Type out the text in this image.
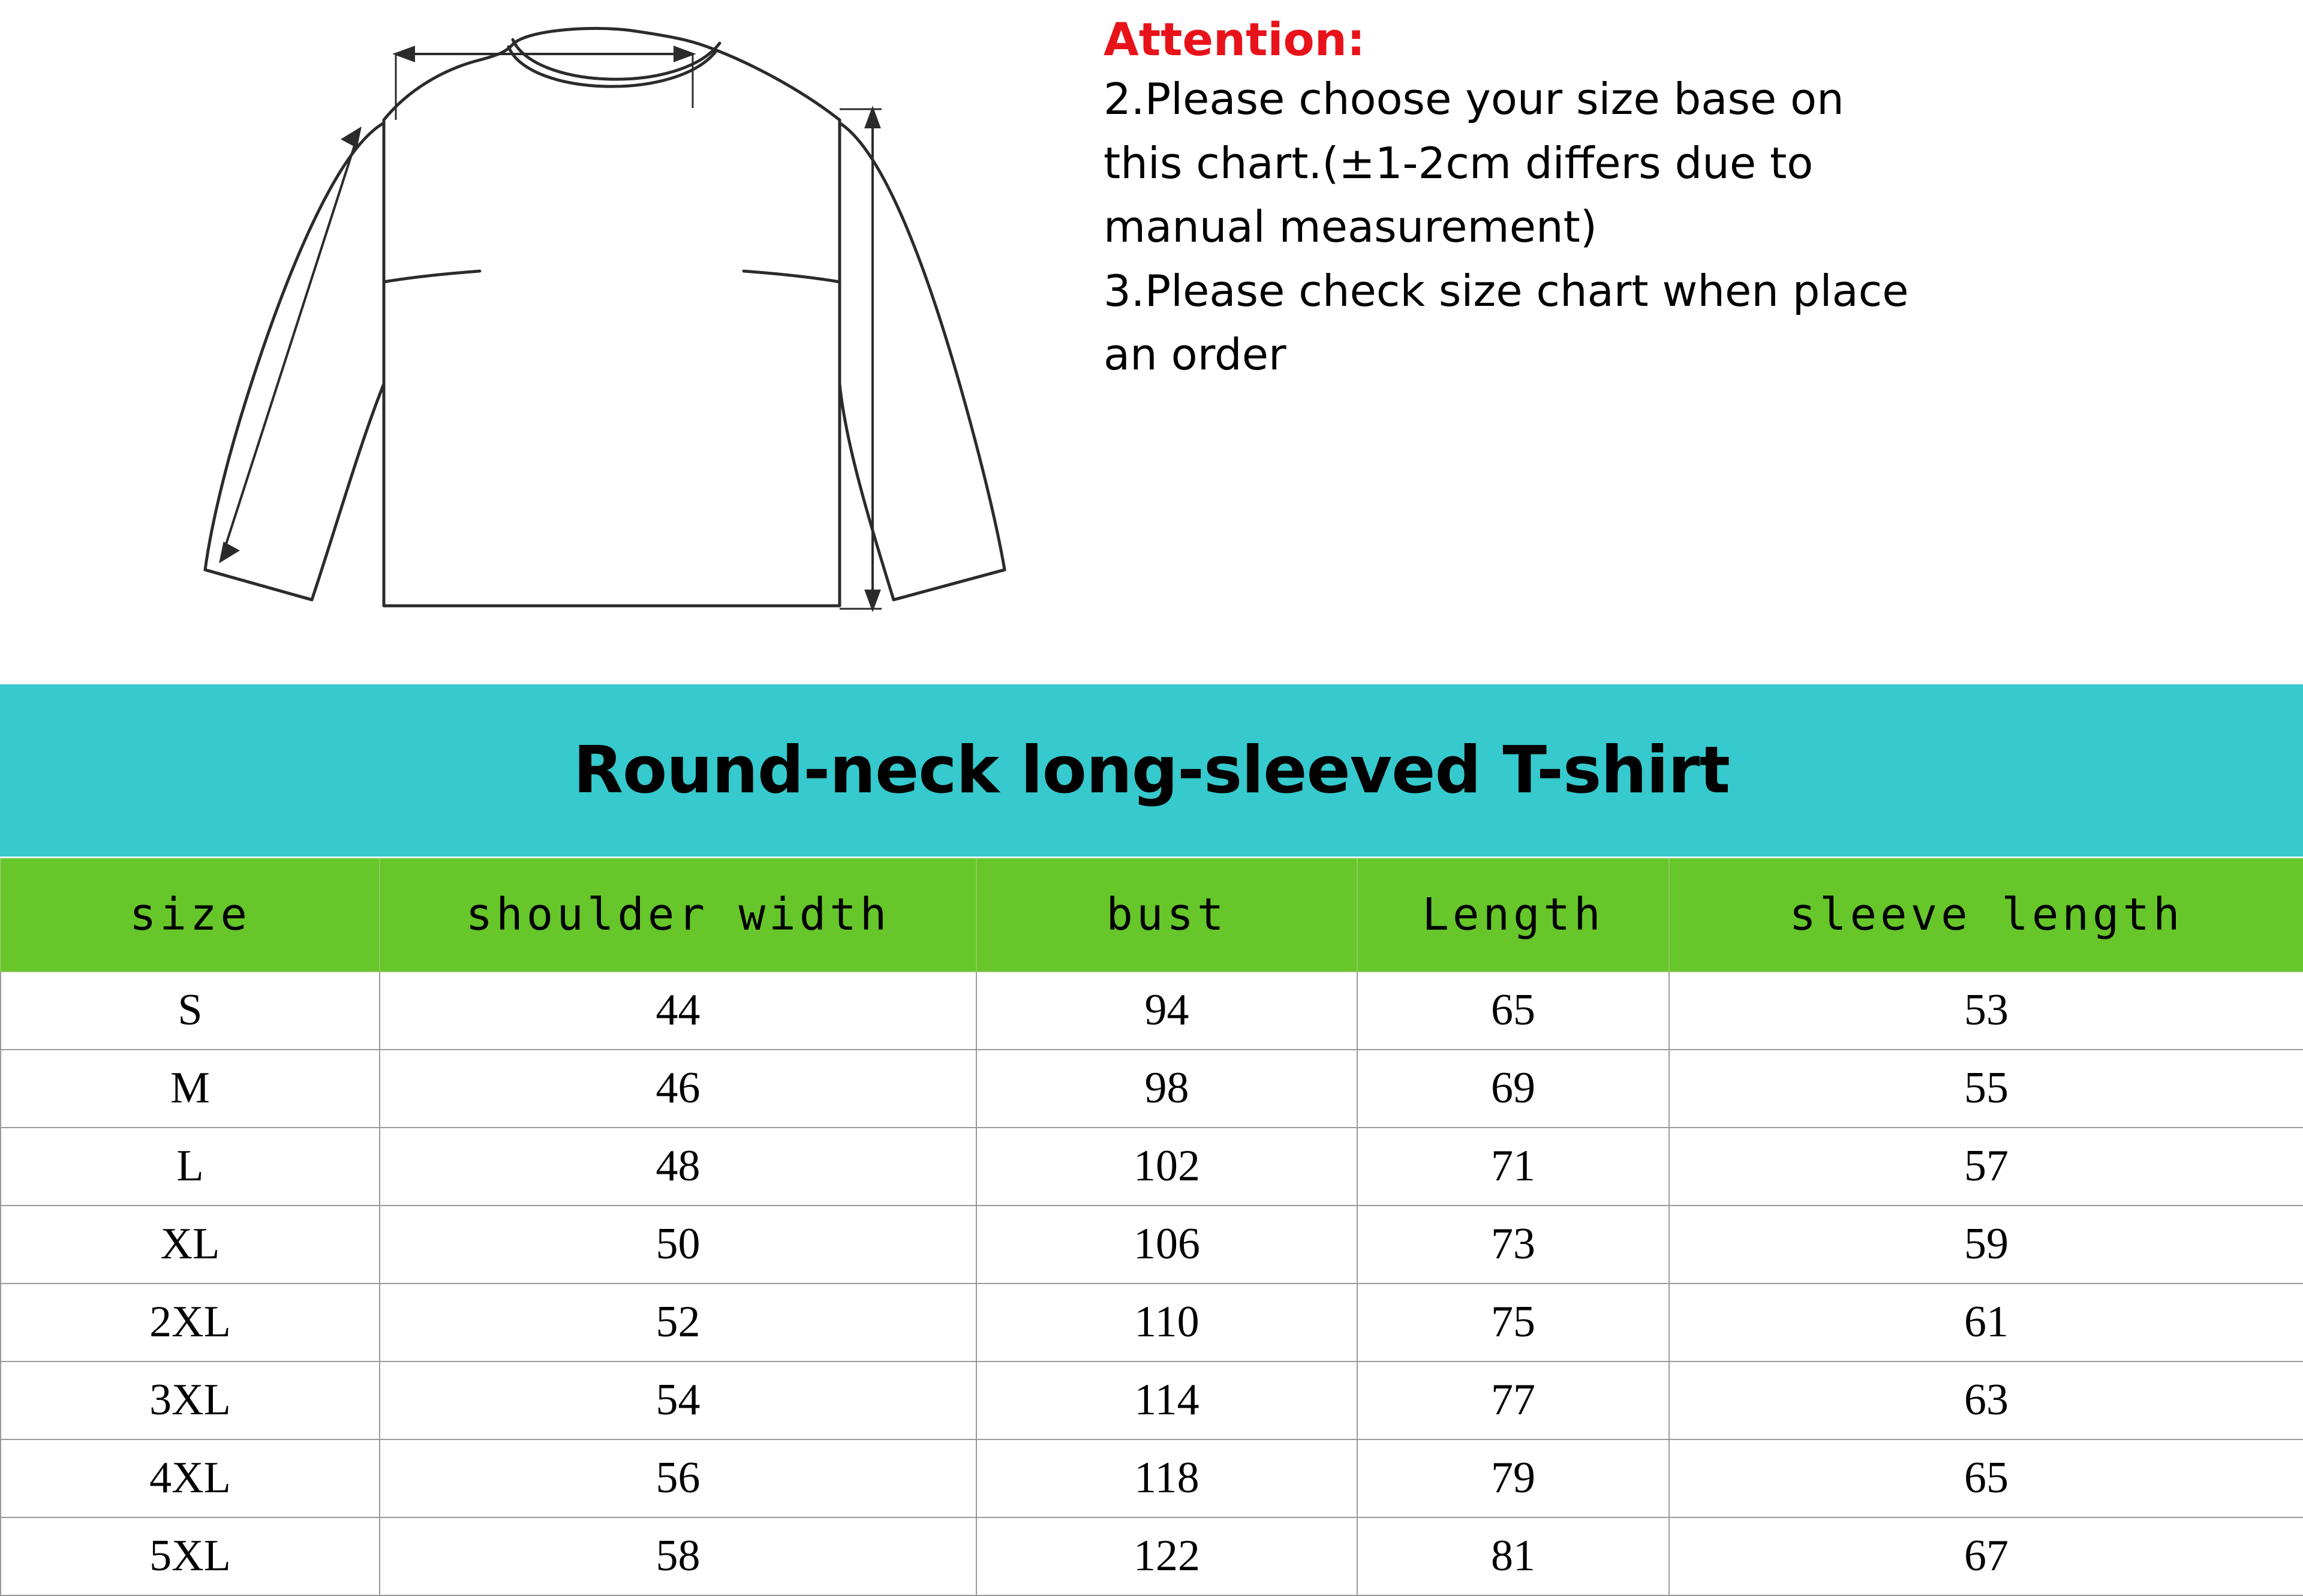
Attention:
2.Please choose your size base on
this chart.(±1-2cm differs due to
manual measurement)
3.Please check size chart when place
an order
Round-neck long-sleeved T-shirt
size	shoulder width	bust	Length	sleeve length
S	44	94	65	53
M	46	98	69	55
L	48	102	71	57
XL	50	106	73	59
2XL	52	110	75	61
3XL	54	114	77	63
4XL	56	118	79	65
5XL	58	122	81	67
